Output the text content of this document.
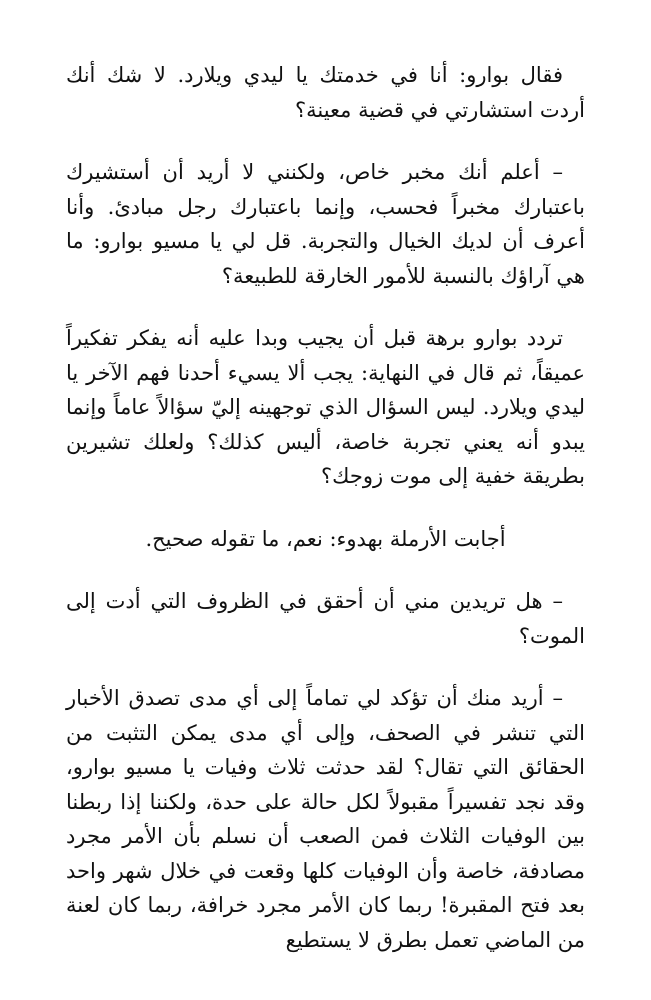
فقال بوارو: أنا في خدمتك يا ليدي ويلارد. لا شك أنك أردت استشارتي في قضية معينة؟

– أعلم أنك مخبر خاص، ولكنني لا أريد أن أستشيرك باعتبارك مخبراً فحسب، وإنما باعتبارك رجل مبادئ. وأنا أعرف أن لديك الخيال والتجربة. قل لي يا مسيو بوارو: ما هي آراؤك بالنسبة للأمور الخارقة للطبيعة؟

تردد بوارو برهة قبل أن يجيب وبدا عليه أنه يفكر تفكيراً عميقاً، ثم قال في النهاية: يجب ألا يسيء أحدنا فهم الآخر يا ليدي ويلارد. ليس السؤال الذي توجهينه إليّ سؤالاً عاماً وإنما يبدو أنه يعني تجربة خاصة، أليس كذلك؟ ولعلك تشيرين بطريقة خفية إلى موت زوجك؟

أجابت الأرملة بهدوء: نعم، ما تقوله صحيح.

– هل تريدين مني أن أحقق في الظروف التي أدت إلى الموت؟

– أريد منك أن تؤكد لي تماماً إلى أي مدى تصدق الأخبار التي تنشر في الصحف، وإلى أي مدى يمكن التثبت من الحقائق التي تقال؟ لقد حدثت ثلاث وفيات يا مسيو بوارو، وقد نجد تفسيراً مقبولاً لكل حالة على حدة، ولكننا إذا ربطنا بين الوفيات الثلاث فمن الصعب أن نسلم بأن الأمر مجرد مصادفة، خاصة وأن الوفيات كلها وقعت في خلال شهر واحد بعد فتح المقبرة! ربما كان الأمر مجرد خرافة، ربما كان لعنة من الماضي تعمل بطرق لا يستطيع
